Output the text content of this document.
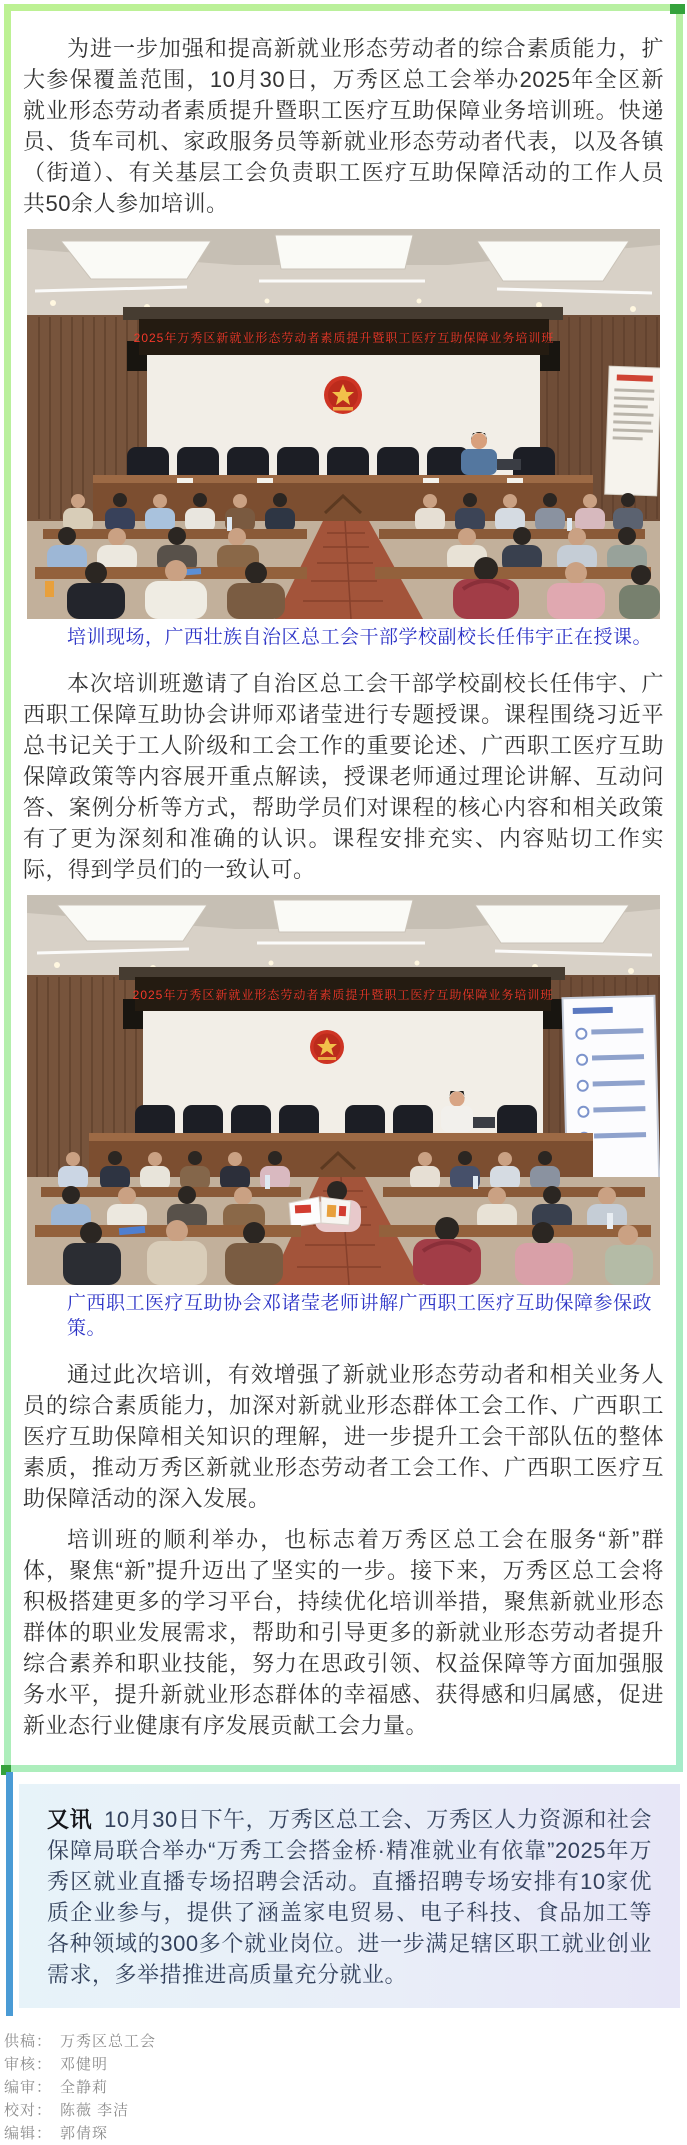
为进一步加强和提高新就业形态劳动者的综合素质能力，扩大参保覆盖范围，10月30日，万秀区总工会举办2025年全区新就业形态劳动者素质提升暨职工医疗互助保障业务培训班。快递员、货车司机、家政服务员等新就业形态劳动者代表，以及各镇（街道）、有关基层工会负责职工医疗互助保障活动的工作人员共50余人参加培训。

2025年万秀区新就业形态劳动者素质提升暨职工医疗互助保障业务培训班

培训现场，广西壮族自治区总工会干部学校副校长任伟宇正在授课。

本次培训班邀请了自治区总工会干部学校副校长任伟宇、广西职工保障互助协会讲师邓诸莹进行专题授课。课程围绕习近平总书记关于工人阶级和工会工作的重要论述、广西职工医疗互助保障政策等内容展开重点解读，授课老师通过理论讲解、互动问答、案例分析等方式，帮助学员们对课程的核心内容和相关政策有了更为深刻和准确的认识。课程安排充实、内容贴切工作实际，得到学员们的一致认可。

2025年万秀区新就业形态劳动者素质提升暨职工医疗互助保障业务培训班

广西职工医疗互助协会邓诸莹老师讲解广西职工医疗互助保障参保政策。

通过此次培训，有效增强了新就业形态劳动者和相关业务人员的综合素质能力，加深对新就业形态群体工会工作、广西职工医疗互助保障相关知识的理解，进一步提升工会干部队伍的整体素质，推动万秀区新就业形态劳动者工会工作、广西职工医疗互助保障活动的深入发展。

培训班的顺利举办，也标志着万秀区总工会在服务“新”群体，聚焦“新”提升迈出了坚实的一步。接下来，万秀区总工会将积极搭建更多的学习平台，持续优化培训举措，聚焦新就业形态群体的职业发展需求，帮助和引导更多的新就业形态劳动者提升综合素养和职业技能，努力在思政引领、权益保障等方面加强服务水平，提升新就业形态群体的幸福感、获得感和归属感，促进新业态行业健康有序发展贡献工会力量。

又讯 10月30日下午，万秀区总工会、万秀区人力资源和社会保障局联合举办“万秀工会搭金桥·精准就业有依靠”2025年万秀区就业直播专场招聘会活动。直播招聘专场安排有10家优质企业参与，提供了涵盖家电贸易、电子科技、食品加工等各种领域的300多个就业岗位。进一步满足辖区职工就业创业需求，多举措推进高质量充分就业。

供稿： 万秀区总工会
审核： 邓健明
编审： 全静莉
校对： 陈薇 李洁
编辑： 郭倩琛
